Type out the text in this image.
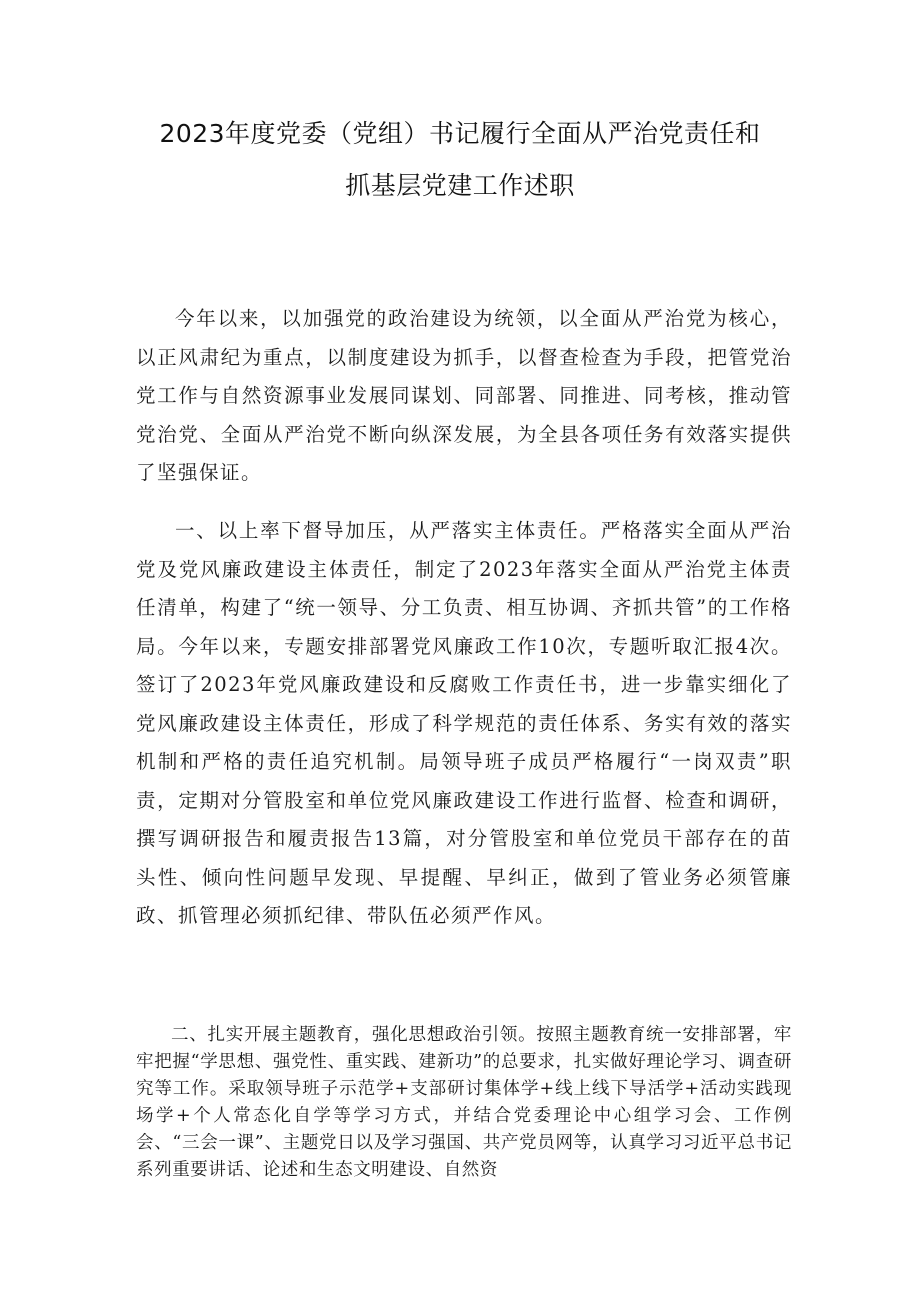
2023年度党委（党组）书记履行全面从严治党责任和
抓基层党建工作述职

今年以来，以加强党的政治建设为统领，以全面从严治党为核心，以正风肃纪为重点，以制度建设为抓手，以督查检查为手段，把管党治党工作与自然资源事业发展同谋划、同部署、同推进、同考核，推动管党治党、全面从严治党不断向纵深发展，为全县各项任务有效落实提供了坚强保证。

一、以上率下督导加压，从严落实主体责任。严格落实全面从严治党及党风廉政建设主体责任，制定了2023年落实全面从严治党主体责任清单，构建了“统一领导、分工负责、相互协调、齐抓共管”的工作格局。今年以来，专题安排部署党风廉政工作10次，专题听取汇报4次。签订了2023年党风廉政建设和反腐败工作责任书，进一步靠实细化了党风廉政建设主体责任，形成了科学规范的责任体系、务实有效的落实机制和严格的责任追究机制。局领导班子成员严格履行“一岗双责”职责，定期对分管股室和单位党风廉政建设工作进行监督、检查和调研，撰写调研报告和履责报告13篇，对分管股室和单位党员干部存在的苗头性、倾向性问题早发现、早提醒、早纠正，做到了管业务必须管廉政、抓管理必须抓纪律、带队伍必须严作风。

二、扎实开展主题教育，强化思想政治引领。按照主题教育统一安排部署，牢牢把握“学思想、强党性、重实践、建新功”的总要求，扎实做好理论学习、调查研究等工作。采取领导班子示范学+支部研讨集体学+线上线下导活学+活动实践现场学+个人常态化自学等学习方式，并结合党委理论中心组学习会、工作例会、“三会一课”、主题党日以及学习强国、共产党员网等，认真学习习近平总书记系列重要讲话、论述和生态文明建设、自然资
